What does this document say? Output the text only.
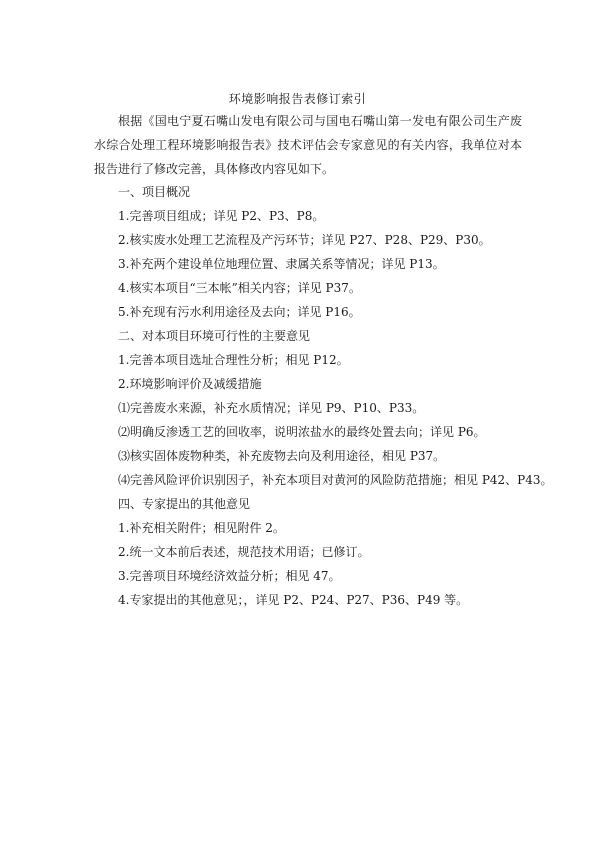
环境影响报告表修订索引

根据《国电宁夏石嘴山发电有限公司与国电石嘴山第一发电有限公司生产废水综合处理工程环境影响报告表》技术评估会专家意见的有关内容，我单位对本报告进行了修改完善，具体修改内容见如下。

一、项目概况
1.完善项目组成；详见 P2、P3、P8。
2.核实废水处理工艺流程及产污环节；详见 P27、P28、P29、P30。
3.补充两个建设单位地理位置、隶属关系等情况；详见 P13。
4.核实本项目“三本帐”相关内容；详见 P37。
5.补充现有污水利用途径及去向；详见 P16。
二、对本项目环境可行性的主要意见
1.完善本项目选址合理性分析；相见 P12。
2.环境影响评价及减缓措施
⑴完善废水来源，补充水质情况；详见 P9、P10、P33。
⑵明确反渗透工艺的回收率，说明浓盐水的最终处置去向；详见 P6。
⑶核实固体废物种类，补充废物去向及利用途径，相见 P37。
⑷完善风险评价识别因子，补充本项目对黄河的风险防范措施；相见 P42、P43。
四、专家提出的其他意见
1.补充相关附件；相见附件 2。
2.统一文本前后表述，规范技术用语；已修订。
3.完善项目环境经济效益分析；相见 47。
4.专家提出的其他意见；，详见 P2、P24、P27、P36、P49 等。
